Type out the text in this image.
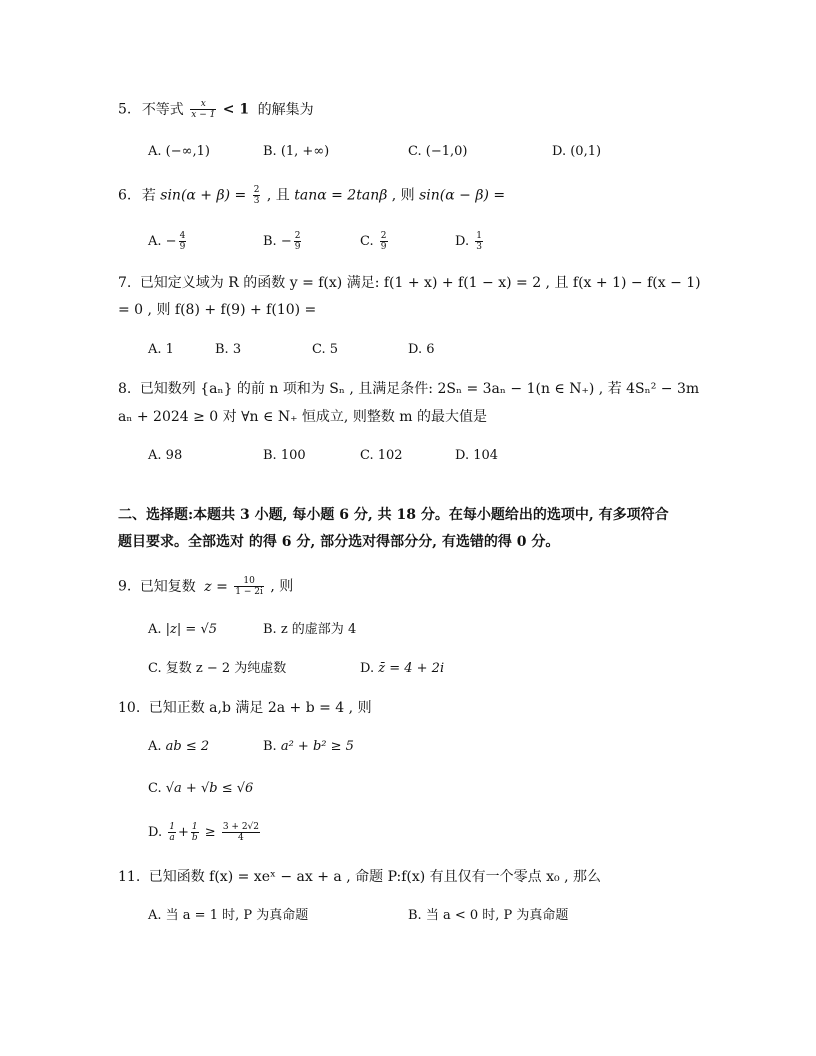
5. 不等式 $\frac{x}{x - 1} < 1$ 的解集为
A. (−∞,1)	B. (1, +∞)	C. (−1,0)	D. (0,1)
6. 若 $\sin(\alpha + \beta) = \frac{2}{3}$ , 且 tanα = 2tanβ , 则 sin(α − β) =
A. − $\frac{4}{9}$	B. − $\frac{2}{9}$	C. $\frac{2}{9}$	D. $\frac{1}{3}$
7. 已知定义域为 R 的函数 y = f(x) 满足: f(1 + x) + f(1 − x) = 2 , 且 f(x + 1) − f(x − 1)
= 0 , 则 f(8) + f(9) + f(10) =
A. 1	B. 3	C. 5	D. 6
8. 已知数列 {aₙ} 的前 n 项和为 Sₙ , 且满足条件: 2Sₙ = 3aₙ − 1(n ∈ N₊) , 若 4Sₙ² − 3m
aₙ + 2024 ≥ 0 对 ∀n ∈ N₊ 恒成立, 则整数 m 的最大值是
A. 98	B. 100	C. 102	D. 104
二、选择题:本题共 3 小题, 每小题 6 分, 共 18 分。在每小题给出的选项中, 有多项符合
题目要求。全部选对 的得 6 分, 部分选对得部分分, 有选错的得 0 分。
9. 已知复数 $z = \frac{10}{1 - 2i}$ , 则
A. |z| = √5	B. z 的虚部为 4
C. 复数 z − 2 为纯虚数	D. z̄ = 4 + 2i
10. 已知正数 a,b 满足 2a + b = 4 , 则
A. ab ≤ 2	B. a² + b² ≥ 5
C. √a + √b ≤ √6
D. $\frac{1}{a} + \frac{1}{b} \ge \frac{3 + 2√2}{4}$
11. 已知函数 f(x) = xeˣ − ax + a , 命题 P:f(x) 有且仅有一个零点 x₀ , 那么
A. 当 a = 1 时, P 为真命题	B. 当 a < 0 时, P 为真命题
